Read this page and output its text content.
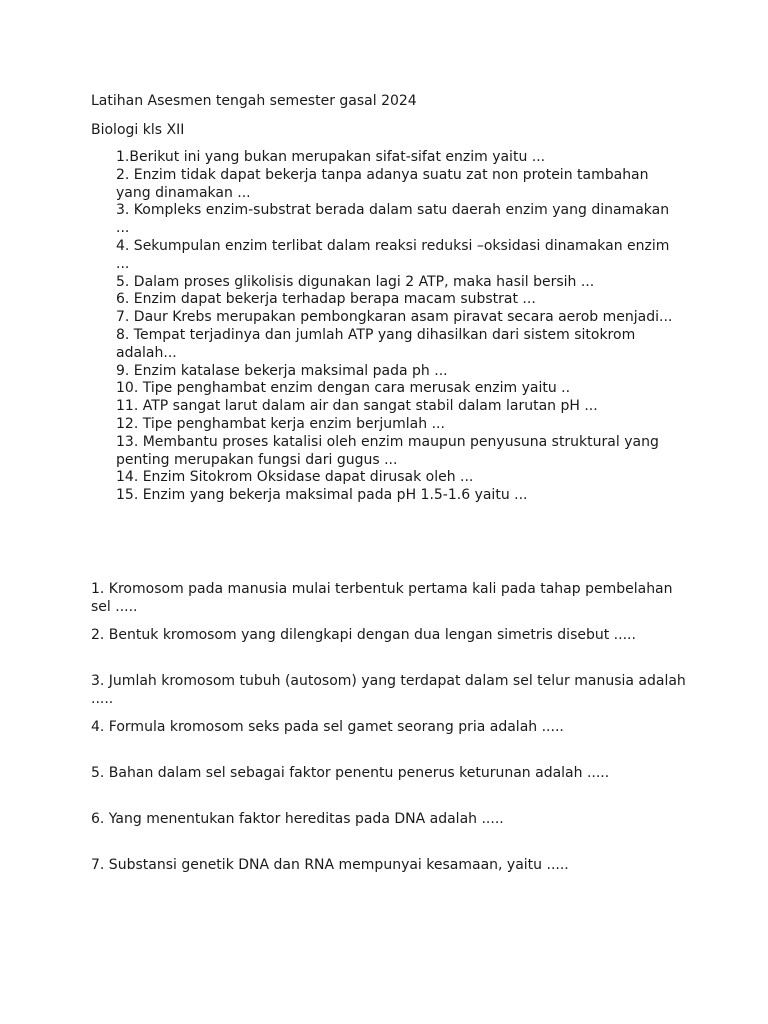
Latihan Asesmen tengah semester gasal 2024

Biologi kls XII

1.Berikut ini yang bukan merupakan sifat-sifat enzim yaitu ...
2. Enzim tidak dapat bekerja tanpa adanya suatu zat non protein tambahan yang dinamakan ...
3. Kompleks enzim-substrat berada dalam satu daerah enzim yang dinamakan ...
4. Sekumpulan enzim terlibat dalam reaksi reduksi –oksidasi dinamakan enzim ...
5. Dalam proses glikolisis digunakan lagi 2 ATP, maka hasil bersih ...
6. Enzim dapat bekerja terhadap berapa macam substrat ...
7. Daur Krebs merupakan pembongkaran asam piravat secara aerob menjadi...
8. Tempat terjadinya dan jumlah ATP yang dihasilkan dari sistem sitokrom adalah...
9. Enzim katalase bekerja maksimal pada ph ...
10. Tipe penghambat enzim dengan cara merusak enzim yaitu ..
11. ATP sangat larut dalam air dan sangat stabil dalam larutan pH ...
12. Tipe penghambat kerja enzim berjumlah ...
13. Membantu proses katalisi oleh enzim maupun penyusuna struktural yang penting merupakan fungsi dari gugus ...
14. Enzim Sitokrom Oksidase dapat dirusak oleh ...
15. Enzim yang bekerja maksimal pada pH 1.5-1.6 yaitu ...
1. Kromosom pada manusia mulai terbentuk pertama kali pada tahap pembelahan sel .....
2. Bentuk kromosom yang dilengkapi dengan dua lengan simetris disebut .....
3. Jumlah kromosom tubuh (autosom) yang terdapat dalam sel telur manusia adalah .....
4. Formula kromosom seks pada sel gamet seorang pria adalah .....
5. Bahan dalam sel sebagai faktor penentu penerus keturunan adalah .....
6. Yang menentukan faktor hereditas pada DNA adalah .....
7. Substansi genetik DNA dan RNA mempunyai kesamaan, yaitu .....
